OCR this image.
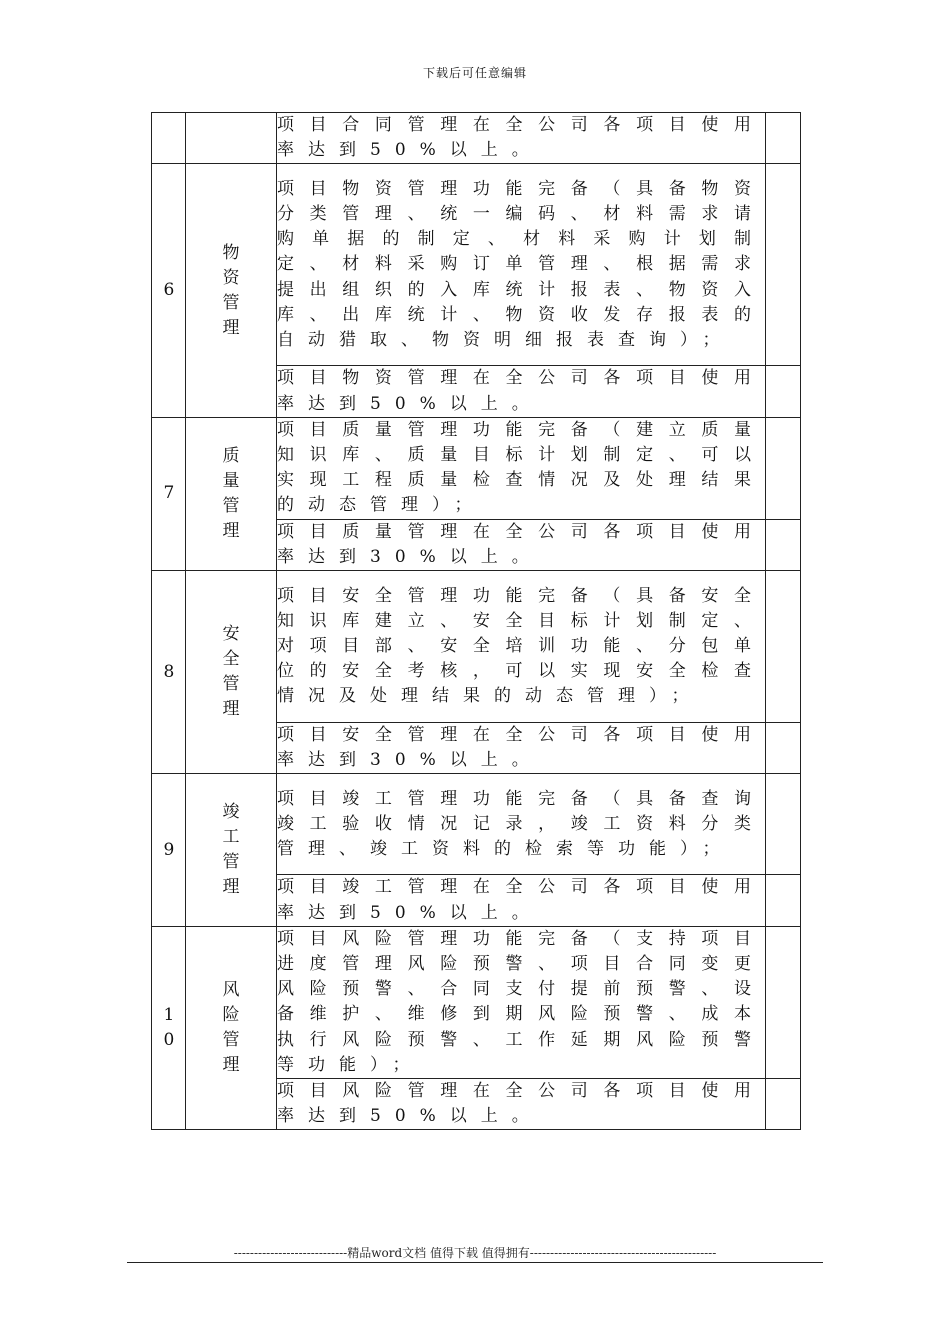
下载后可任意编辑
		项目合同管理在全公司各项目使用率达到50%以上。	
6	物资管理	项目物资管理功能完备（具备物资分类管理、统一编码、材料需求请购单据的制定、材料采购计划制定、材料采购订单管理、根据需求提出组织的入库统计报表、物资入库、出库统计、物资收发存报表的自动猎取、物资明细报表查询）；	
		项目物资管理在全公司各项目使用率达到50%以上。	
7	质量管理	项目质量管理功能完备（建立质量知识库、质量目标计划制定、可以实现工程质量检查情况及处理结果的动态管理）；	
		项目质量管理在全公司各项目使用率达到30%以上。	
8	安全管理	项目安全管理功能完备（具备安全知识库建立、安全目标计划制定、对项目部、安全培训功能、分包单位的安全考核，可以实现安全检查情况及处理结果的动态管理）；	
		项目安全管理在全公司各项目使用率达到30%以上。	
9	竣工管理	项目竣工管理功能完备（具备查询竣工验收情况记录，竣工资料分类管理、竣工资料的检索等功能）；	
		项目竣工管理在全公司各项目使用率达到50%以上。	
10	风险管理	项目风险管理功能完备（支持项目进度管理风险预警、项目合同变更风险预警、合同支付提前预警、设备维护、维修到期风险预警、成本执行风险预警、工作延期风险预警等功能）；	
		项目风险管理在全公司各项目使用率达到50%以上。	
----------------------------精品word文档 值得下载 值得拥有----------------------------------------------
